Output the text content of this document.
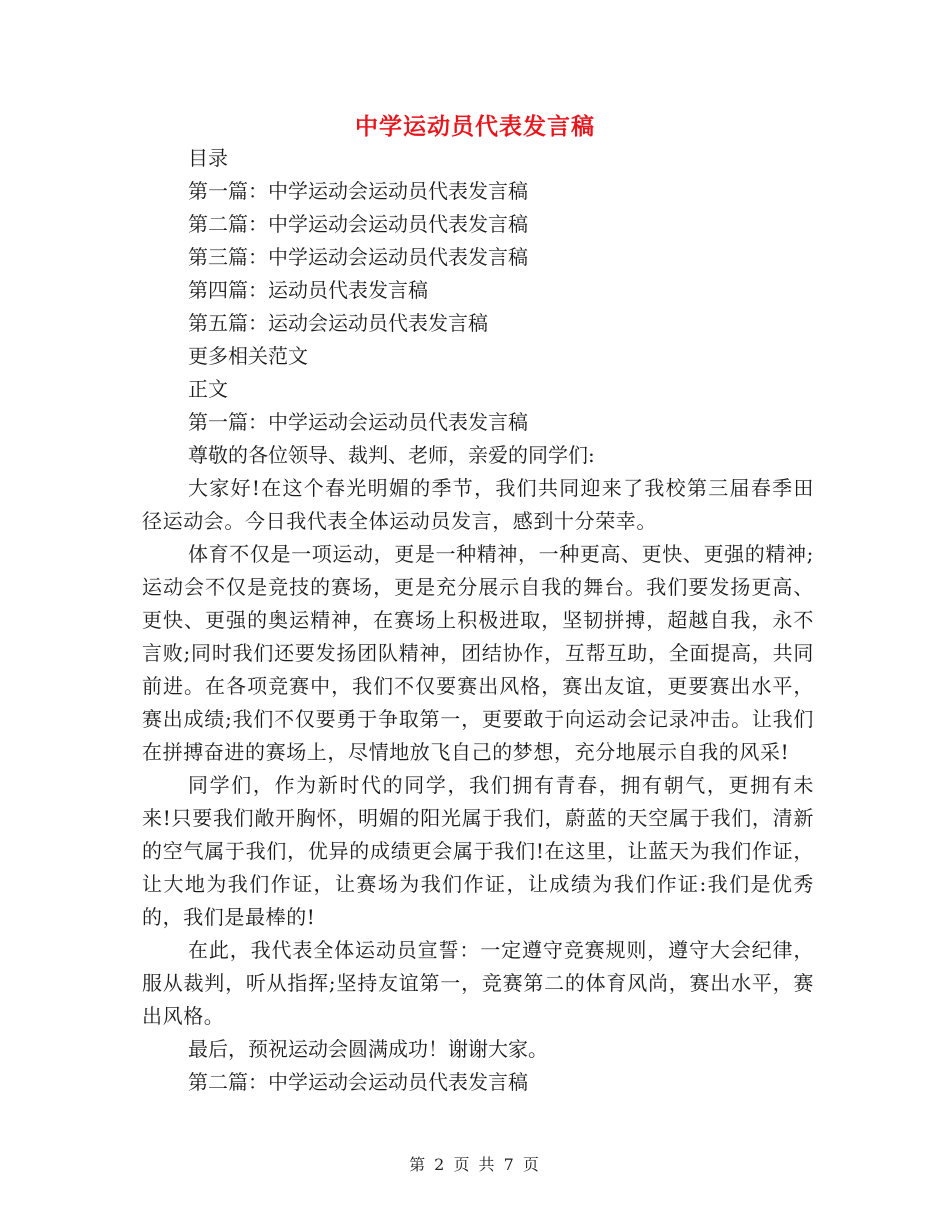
中学运动员代表发言稿

目录

第一篇：中学运动会运动员代表发言稿

第二篇：中学运动会运动员代表发言稿

第三篇：中学运动会运动员代表发言稿

第四篇：运动员代表发言稿

第五篇：运动会运动员代表发言稿

更多相关范文

正文

第一篇：中学运动会运动员代表发言稿

尊敬的各位领导、裁判、老师，亲爱的同学们:

大家好!在这个春光明媚的季节，我们共同迎来了我校第三届春季田径运动会。今日我代表全体运动员发言，感到十分荣幸。

体育不仅是一项运动，更是一种精神，一种更高、更快、更强的精神;运动会不仅是竞技的赛场，更是充分展示自我的舞台。我们要发扬更高、更快、更强的奥运精神，在赛场上积极进取，坚韧拼搏，超越自我，永不言败;同时我们还要发扬团队精神，团结协作，互帮互助，全面提高，共同前进。在各项竞赛中，我们不仅要赛出风格，赛出友谊，更要赛出水平，赛出成绩;我们不仅要勇于争取第一，更要敢于向运动会记录冲击。让我们在拼搏奋进的赛场上，尽情地放飞自己的梦想，充分地展示自我的风采!

同学们，作为新时代的同学，我们拥有青春，拥有朝气，更拥有未来!只要我们敞开胸怀，明媚的阳光属于我们，蔚蓝的天空属于我们，清新的空气属于我们，优异的成绩更会属于我们!在这里，让蓝天为我们作证，让大地为我们作证，让赛场为我们作证，让成绩为我们作证:我们是优秀的，我们是最棒的!

在此，我代表全体运动员宣誓：一定遵守竞赛规则，遵守大会纪律，服从裁判，听从指挥;坚持友谊第一，竞赛第二的体育风尚，赛出水平，赛出风格。

最后，预祝运动会圆满成功！谢谢大家。

第二篇：中学运动会运动员代表发言稿

第 2 页 共 7 页
